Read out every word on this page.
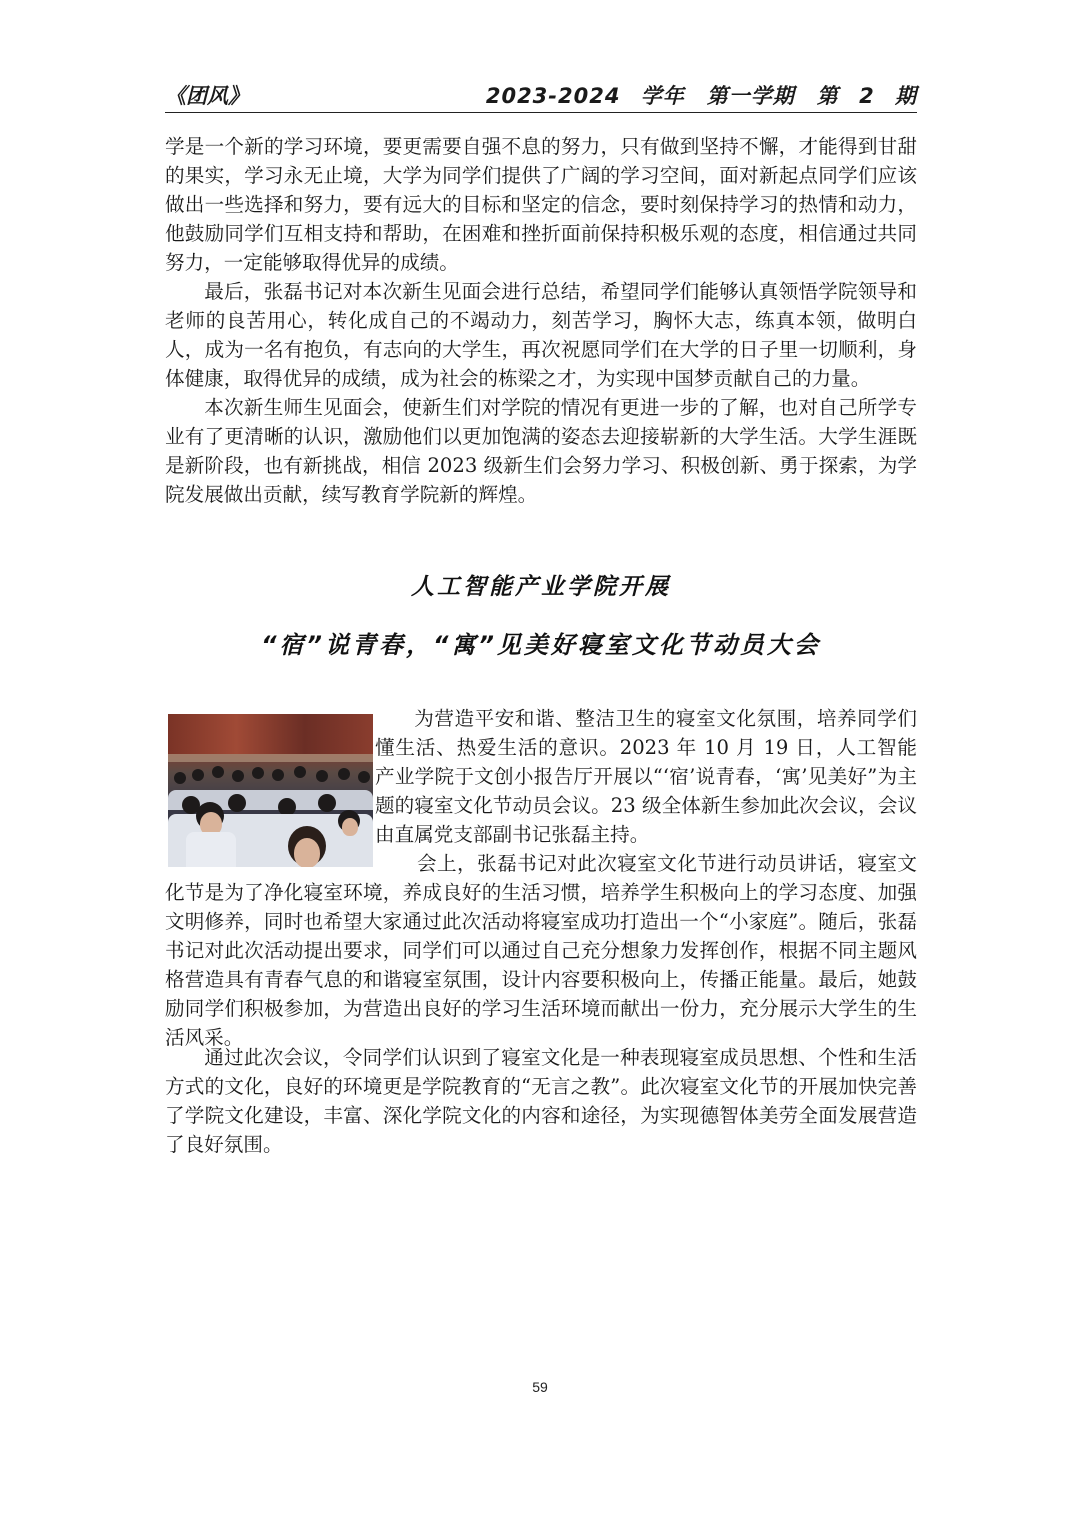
《团风》	2023-2024 学年　第一学期　第 2 期

学是一个新的学习环境，要更需要自强不息的努力，只有做到坚持不懈，才能得到甘甜的果实，学习永无止境，大学为同学们提供了广阔的学习空间，面对新起点同学们应该做出一些选择和努力，要有远大的目标和坚定的信念，要时刻保持学习的热情和动力，他鼓励同学们互相支持和帮助，在困难和挫折面前保持积极乐观的态度，相信通过共同努力，一定能够取得优异的成绩。

最后，张磊书记对本次新生见面会进行总结，希望同学们能够认真领悟学院领导和老师的良苦用心，转化成自己的不竭动力，刻苦学习，胸怀大志，练真本领，做明白人，成为一名有抱负，有志向的大学生，再次祝愿同学们在大学的日子里一切顺利，身体健康，取得优异的成绩，成为社会的栋梁之才，为实现中国梦贡献自己的力量。

本次新生师生见面会，使新生们对学院的情况有更进一步的了解，也对自己所学专业有了更清晰的认识，激励他们以更加饱满的姿态去迎接崭新的大学生活。大学生涯既是新阶段，也有新挑战，相信 2023 级新生们会努力学习、积极创新、勇于探索，为学院发展做出贡献，续写教育学院新的辉煌。

人工智能产业学院开展
“宿”说青春，“寓”见美好寝室文化节动员大会

为营造平安和谐、整洁卫生的寝室文化氛围，培养同学们懂生活、热爱生活的意识。2023 年 10 月 19 日，人工智能产业学院于文创小报告厅开展以“‘宿’说青春，‘寓’见美好”为主题的寝室文化节动员会议。23 级全体新生参加此次会议，会议由直属党支部副书记张磊主持。

会上，张磊书记对此次寝室文化节进行动员讲话，寝室文化节是为了净化寝室环境，养成良好的生活习惯，培养学生积极向上的学习态度、加强文明修养，同时也希望大家通过此次活动将寝室成功打造出一个“小家庭”。随后，张磊书记对此次活动提出要求，同学们可以通过自己充分想象力发挥创作，根据不同主题风格营造具有青春气息的和谐寝室氛围，设计内容要积极向上，传播正能量。最后，她鼓励同学们积极参加，为营造出良好的学习生活环境而献出一份力，充分展示大学生的生活风采。

通过此次会议，令同学们认识到了寝室文化是一种表现寝室成员思想、个性和生活方式的文化，良好的环境更是学院教育的“无言之教”。此次寝室文化节的开展加快完善了学院文化建设，丰富、深化学院文化的内容和途径，为实现德智体美劳全面发展营造了良好氛围。

59
